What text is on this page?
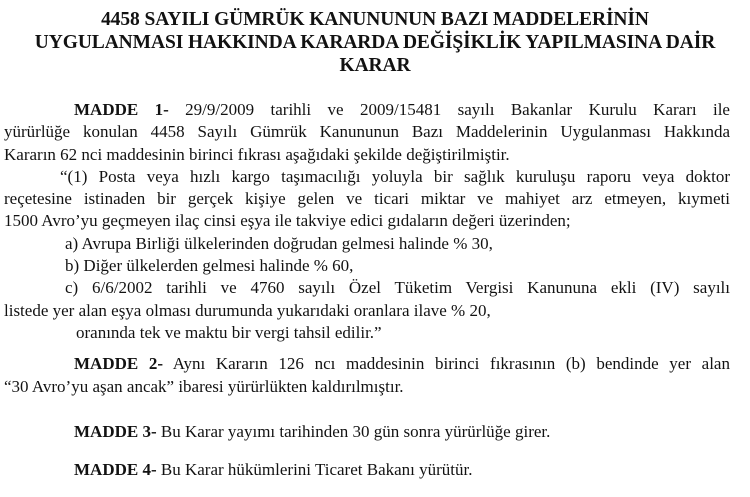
4458 SAYILI GÜMRÜK KANUNUNUN BAZI MADDELERİNİN
UYGULANMASI HAKKINDA KARARDA DEĞİŞİKLİK YAPILMASINA DAİR
KARAR
MADDE 1- 29/9/2009 tarihli ve 2009/15481 sayılı Bakanlar Kurulu Kararı ile
yürürlüğe konulan 4458 Sayılı Gümrük Kanununun Bazı Maddelerinin Uygulanması Hakkında
Kararın 62 nci maddesinin birinci fıkrası aşağıdaki şekilde değiştirilmiştir.
“(1) Posta veya hızlı kargo taşımacılığı yoluyla bir sağlık kuruluşu raporu veya doktor
reçetesine istinaden bir gerçek kişiye gelen ve ticari miktar ve mahiyet arz etmeyen, kıymeti
1500 Avro’yu geçmeyen ilaç cinsi eşya ile takviye edici gıdaların değeri üzerinden;
a) Avrupa Birliği ülkelerinden doğrudan gelmesi halinde % 30,
b) Diğer ülkelerden gelmesi halinde % 60,
c) 6/6/2002 tarihli ve 4760 sayılı Özel Tüketim Vergisi Kanununa ekli (IV) sayılı
listede yer alan eşya olması durumunda yukarıdaki oranlara ilave % 20,
oranında tek ve maktu bir vergi tahsil edilir.”
MADDE 2- Aynı Kararın 126 ncı maddesinin birinci fıkrasının (b) bendinde yer alan
“30 Avro’yu aşan ancak” ibaresi yürürlükten kaldırılmıştır.
MADDE 3- Bu Karar yayımı tarihinden 30 gün sonra yürürlüğe girer.
MADDE 4- Bu Karar hükümlerini Ticaret Bakanı yürütür.
